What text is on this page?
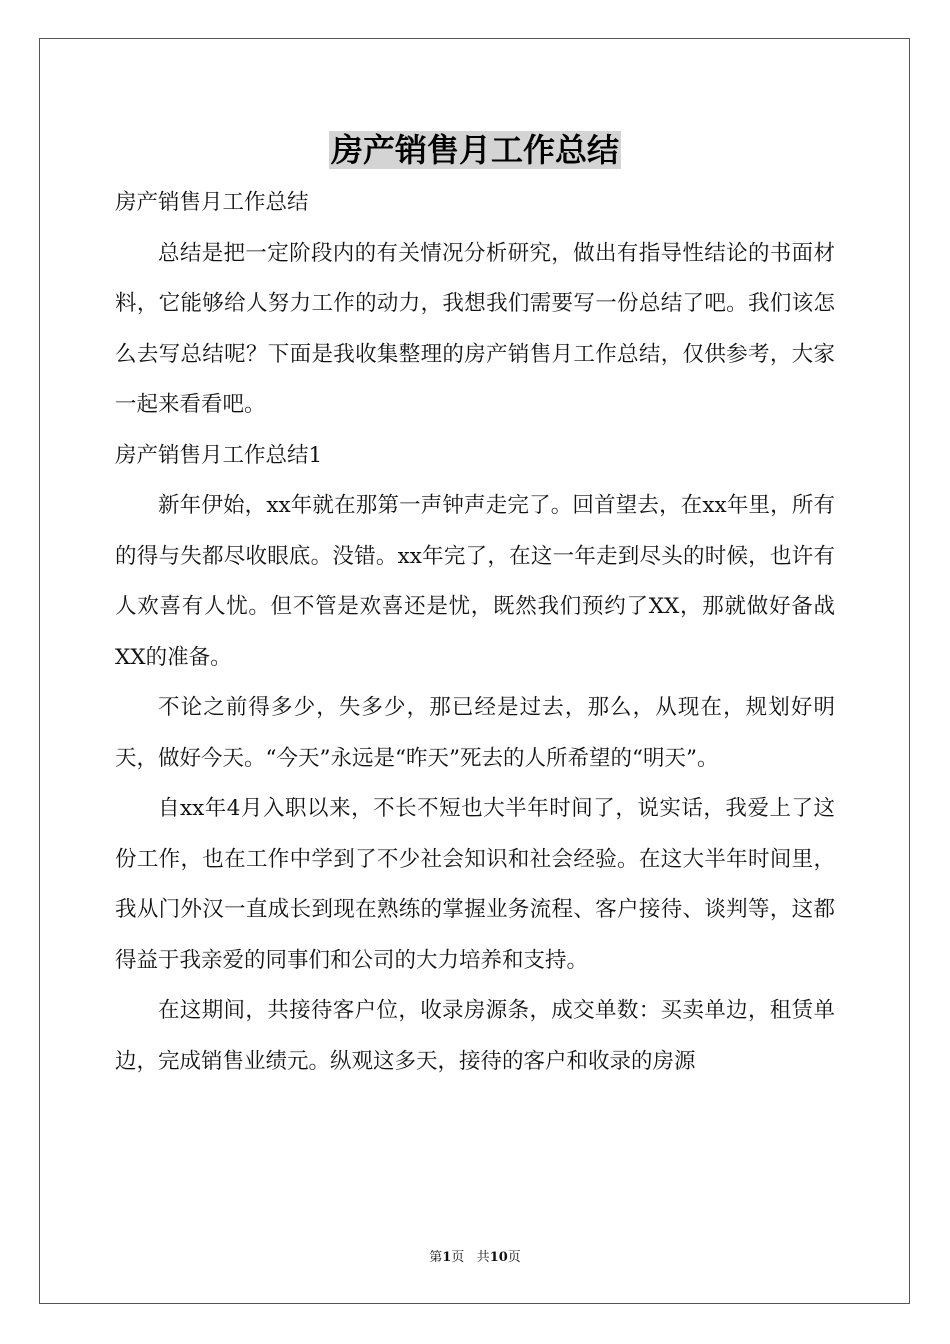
房产销售月工作总结

房产销售月工作总结

总结是把一定阶段内的有关情况分析研究，做出有指导性结论的书面材料，它能够给人努力工作的动力，我想我们需要写一份总结了吧。我们该怎么去写总结呢？下面是我收集整理的房产销售月工作总结，仅供参考，大家一起来看看吧。

房产销售月工作总结1

新年伊始，xx年就在那第一声钟声走完了。回首望去，在xx年里，所有的得与失都尽收眼底。没错。xx年完了，在这一年走到尽头的时候，也许有人欢喜有人忧。但不管是欢喜还是忧，既然我们预约了XX，那就做好备战XX的准备。

不论之前得多少，失多少，那已经是过去，那么，从现在，规划好明天，做好今天。“今天”永远是“昨天”死去的人所希望的“明天”。

自xx年4月入职以来，不长不短也大半年时间了，说实话，我爱上了这份工作，也在工作中学到了不少社会知识和社会经验。在这大半年时间里，我从门外汉一直成长到现在熟练的掌握业务流程、客户接待、谈判等，这都得益于我亲爱的同事们和公司的大力培养和支持。

在这期间，共接待客户位，收录房源条，成交单数：买卖单边，租赁单边，完成销售业绩元。纵观这多天，接待的客户和收录的房源

第1页 共10页
